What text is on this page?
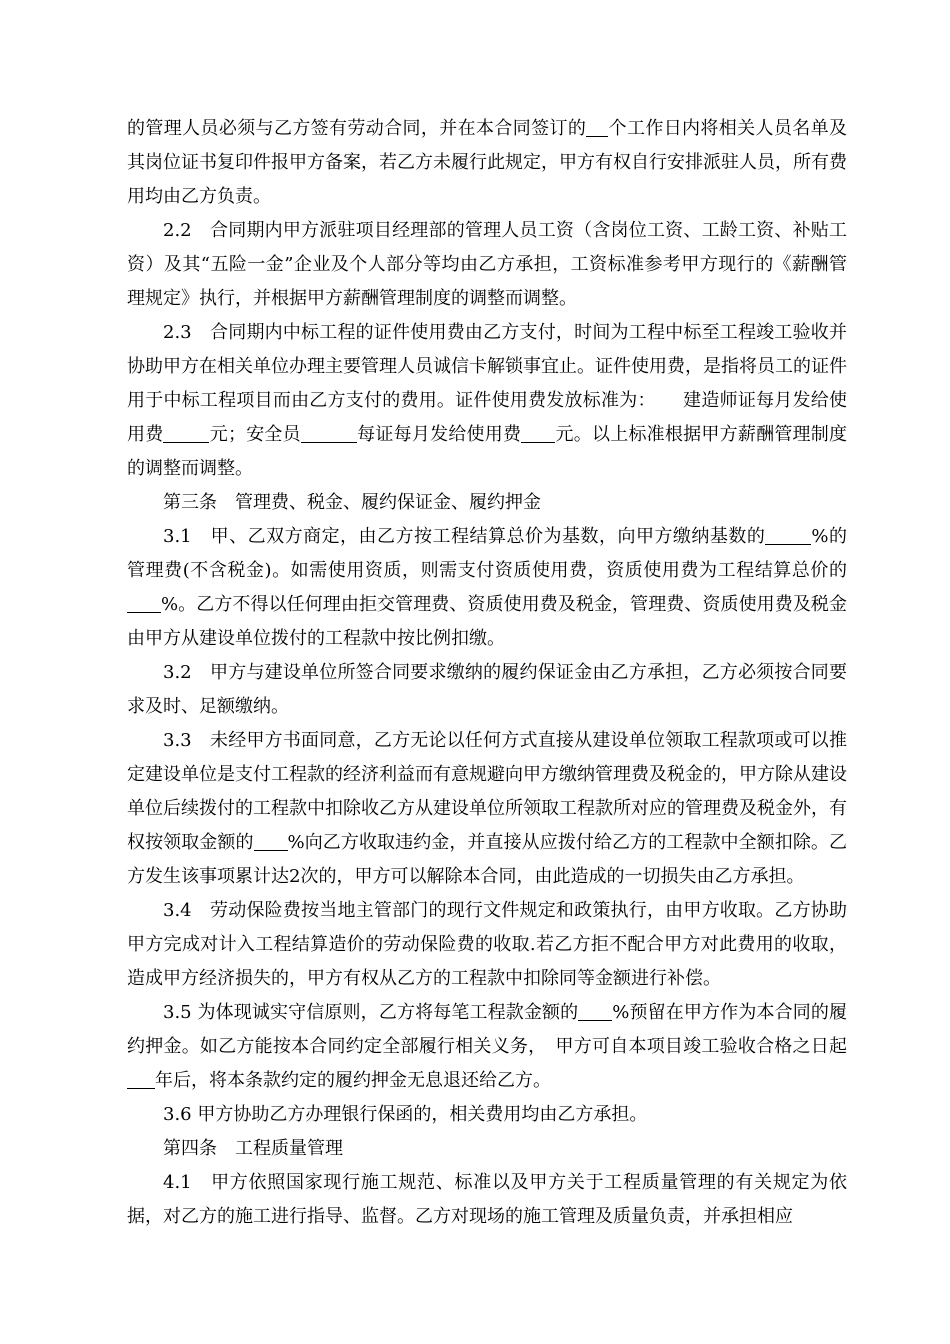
的管理人员必须与乙方签有劳动合同，并在本合同签订的 个工作日内将相关人员名单及其岗位证书复印件报甲方备案，若乙方未履行此规定，甲方有权自行安排派驻人员，所有费用均由乙方负责。

2.2　合同期内甲方派驻项目经理部的管理人员工资（含岗位工资、工龄工资、补贴工资）及其“五险一金”企业及个人部分等均由乙方承担，工资标准参考甲方现行的《薪酬管理规定》执行，并根据甲方薪酬管理制度的调整而调整。

2.3　合同期内中标工程的证件使用费由乙方支付，时间为工程中标至工程竣工验收并协助甲方在相关单位办理主要管理人员诚信卡解锁事宜止。证件使用费，是指将员工的证件用于中标工程项目而由乙方支付的费用。证件使用费发放标准为：　　建造师证每月发给使用费	元；安全员	每证每月发给使用费 元。以上标准根据甲方薪酬管理制度的调整而调整。

第三条　管理费、税金、履约保证金、履约押金

3.1　甲、乙双方商定，由乙方按工程结算总价为基数，向甲方缴纳基数的	%的管理费(不含税金)。如需使用资质，则需支付资质使用费，资质使用费为工程结算总价的%。乙方不得以任何理由拒交管理费、资质使用费及税金，管理费、资质使用费及税金由甲方从建设单位拨付的工程款中按比例扣缴。

3.2　甲方与建设单位所签合同要求缴纳的履约保证金由乙方承担，乙方必须按合同要求及时、足额缴纳。

3.3　未经甲方书面同意，乙方无论以任何方式直接从建设单位领取工程款项或可以推定建设单位是支付工程款的经济利益而有意规避向甲方缴纳管理费及税金的，甲方除从建设单位后续拨付的工程款中扣除收乙方从建设单位所领取工程款所对应的管理费及税金外，有权按领取金额的 %向乙方收取违约金，并直接从应拨付给乙方的工程款中全额扣除。乙方发生该事项累计达2次的，甲方可以解除本合同，由此造成的一切损失由乙方承担。

3.4　劳动保险费按当地主管部门的现行文件规定和政策执行，由甲方收取。乙方协助甲方完成对计入工程结算造价的劳动保险费的收取.若乙方拒不配合甲方对此费用的收取，造成甲方经济损失的，甲方有权从乙方的工程款中扣除同等金额进行补偿。

3.5 为体现诚实守信原则，乙方将每笔工程款金额的 %预留在甲方作为本合同的履约押金。如乙方能按本合同约定全部履行相关义务，　甲方可自本项目竣工验收合格之日起年后，将本条款约定的履约押金无息退还给乙方。

3.6 甲方协助乙方办理银行保函的，相关费用均由乙方承担。

第四条　工程质量管理

4.1　甲方依照国家现行施工规范、标准以及甲方关于工程质量管理的有关规定为依据，对乙方的施工进行指导、监督。乙方对现场的施工管理及质量负责，并承担相应
